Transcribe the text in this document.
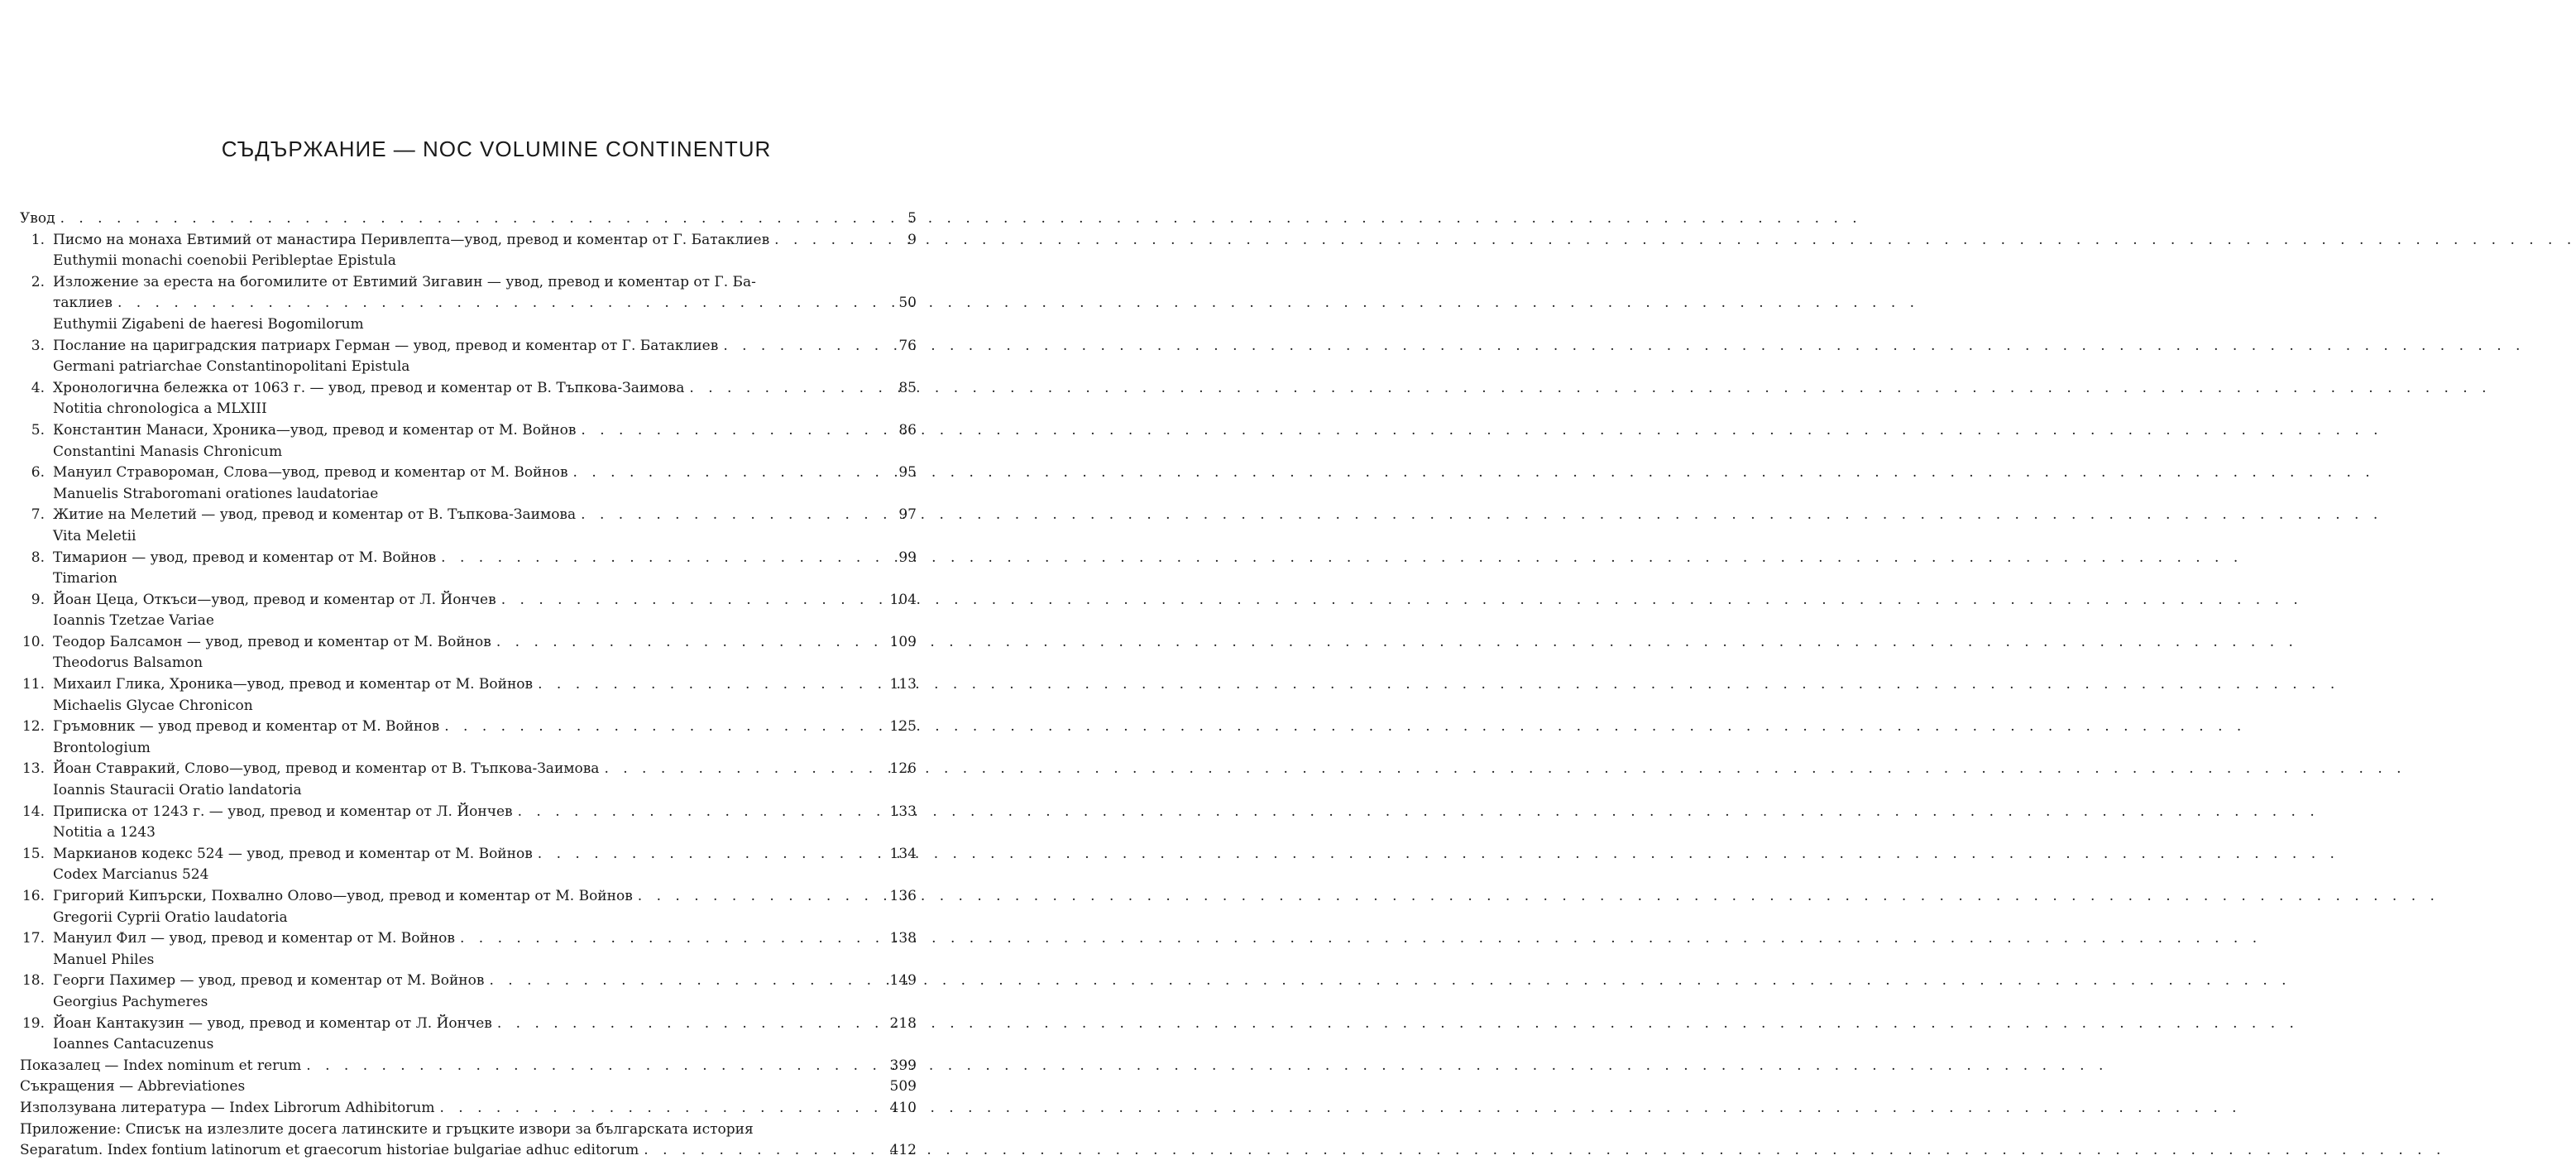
СЪДЪРЖАНИЕ — NOC VOLUMINE CONTINENTUR
Увод . . .	5
1. Писмо на монаха Евтимий от манастира Перивлепта—увод, превод и коментар от Г. Батаклиев . . .	9
Euthymii monachi coenobii Peribleptae Epistula
2. Изложение за ереста на богомилите от Евтимий Зигавин — увод, превод и коментар от Г. Ба-
таклиев . . .	50
Euthymii Zigabeni de haeresi Bogomilorum
3. Послание на цариградския патриарх Герман — увод, превод и коментар от Г. Батаклиев . . .	76
Germani patriarchae Constantinopolitani Epistula
4. Хронологична бележка от 1063 г. — увод, превод и коментар от В. Тъпкова-Заимова . . .	85
Notitia chronologica a MLXIII
5. Константин Манаси, Хроника—увод, превод и коментар от М. Войнов . . .	86
Constantini Manasis Chronicum
6. Мануил Страворoман, Слова—увод, превод и коментар от М. Войнов . . .	95
Manuelis Straboromani orationes laudatoriae
7. Житие на Мелетий — увод, превод и коментар от В. Тъпкова-Заимова . . .	97
Vita Meletii
8. Тимарион — увод, превод и коментар от М. Войнов . . .	99
Timarion
9. Йоан Цеца, Откъси—увод, превод и коментар от Л. Йончев . . .	104
Ioannis Tzetzae Variae
10. Теодор Балсамон — увод, превод и коментар от М. Войнов . . .	109
Theodorus Balsamon
11. Михаил Глика, Хроника—увод, превод и коментар от М. Войнов . . .	113
Michaelis Glycae Chronicon
12. Гръмовник — увод превод и коментар от М. Войнов . . .	125
Brontologium
13. Йоан Ставракий, Слово—увод, превод и коментар от В. Тъпкова-Заимова . . .	126
Ioannis Stauracii Oratio landatoria
14. Приписка от 1243 г. — увод, превод и коментар от Л. Йончев . . .	133
Notitia a 1243
15. Маркианов кодекс 524 — увод, превод и коментар от М. Войнов . . .	134
Codex Marcianus 524
16. Григорий Кипърски, Похвално Олово—увод, превод и коментар от М. Войнов . . .	136
Gregorii Cyprii Oratio laudatoria
17. Мануил Фил — увод, превод и коментар от М. Войнов . . .	138
Manuel Philes
18. Георги Пахимер — увод, превод и коментар от М. Войнов . . .	149
Georgius Pachymeres
19. Йоан Кантакузин — увод, превод и коментар от Л. Йончев . . .	218
Ioannes Cantacuzenus
Показалец — Index nominum et rerum . . .	399
Съкращения — Abbreviationes	509
Използувана литература — Index Librorum Adhibitorum . . .	410
Приложение: Списък на излезлите досега латинските и гръцките извори за българската история
Separatum. Index fontium latinorum et graecorum historiae bulgariae adhuc editorum . . .	412
